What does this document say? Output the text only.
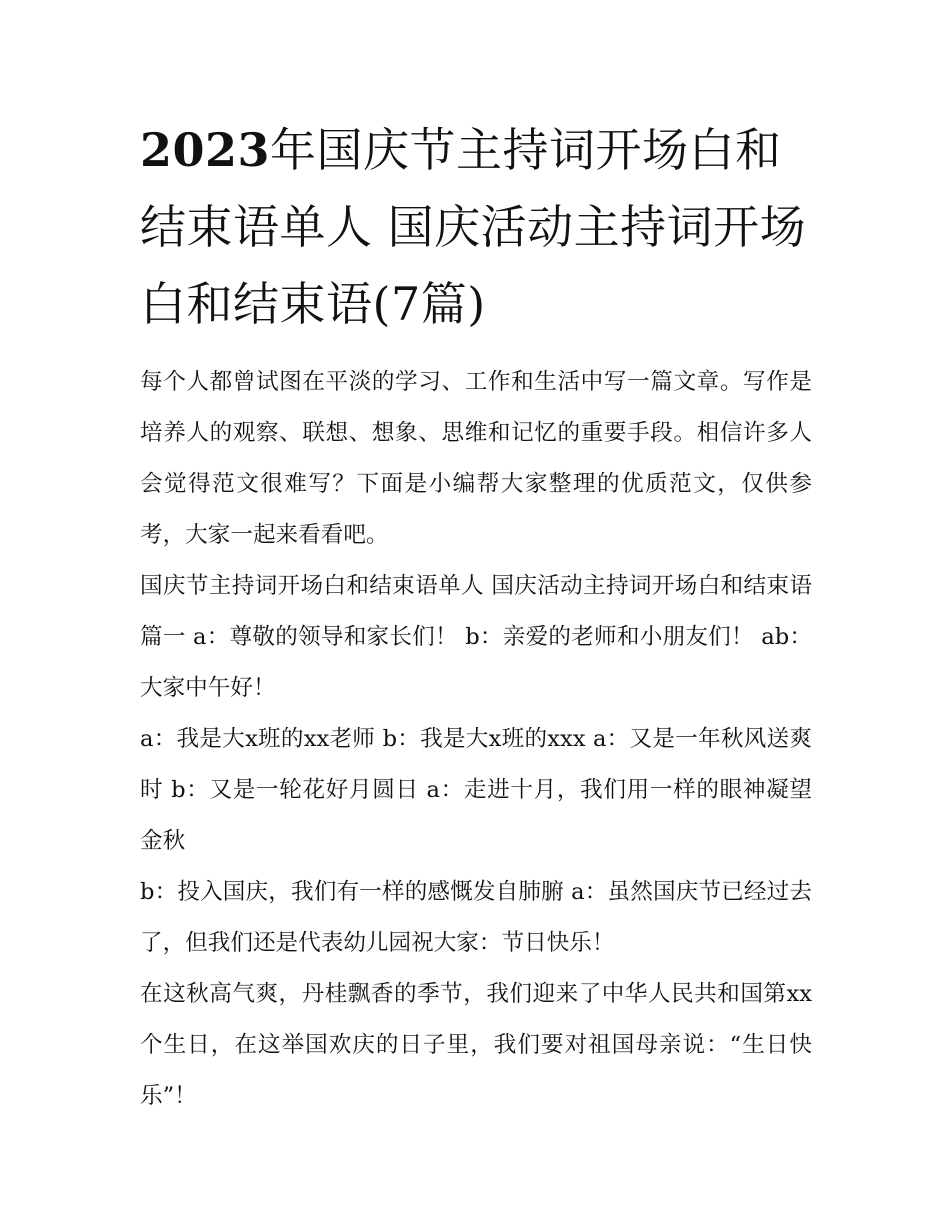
2023年国庆节主持词开场白和结束语单人 国庆活动主持词开场白和结束语(7篇)

每个人都曾试图在平淡的学习、工作和生活中写一篇文章。写作是培养人的观察、联想、想象、思维和记忆的重要手段。相信许多人会觉得范文很难写？下面是小编帮大家整理的优质范文，仅供参考，大家一起来看看吧。

国庆节主持词开场白和结束语单人 国庆活动主持词开场白和结束语篇一 a：尊敬的领导和家长们！ b：亲爱的老师和小朋友们！ ab： 大家中午好！

a：我是大x班的xx老师 b：我是大x班的xxx a：又是一年秋风送爽时 b：又是一轮花好月圆日 a：走进十月，我们用一样的眼神凝望金秋

b：投入国庆，我们有一样的感慨发自肺腑 a：虽然国庆节已经过去了，但我们还是代表幼儿园祝大家：节日快乐！

在这秋高气爽，丹桂飘香的季节，我们迎来了中华人民共和国第xx个生日，在这举国欢庆的日子里，我们要对祖国母亲说：“生日快乐”！
